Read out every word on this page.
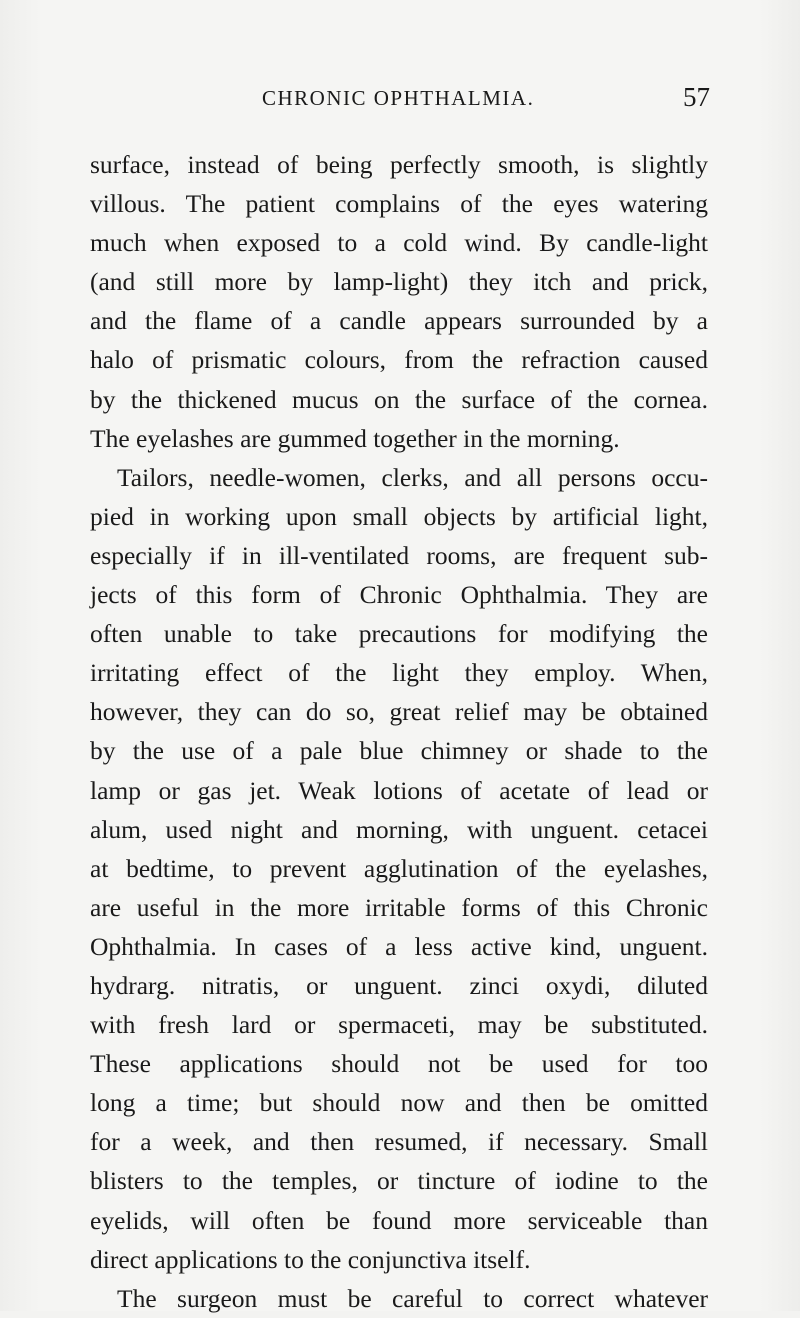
CHRONIC OPHTHALMIA.	57
surface, instead of being perfectly smooth, is slightly
villous. The patient complains of the eyes watering
much when exposed to a cold wind. By candle-light
(and still more by lamp-light) they itch and prick,
and the flame of a candle appears surrounded by a
halo of prismatic colours, from the refraction caused
by the thickened mucus on the surface of the cornea.
The eyelashes are gummed together in the morning.
Tailors, needle-women, clerks, and all persons occu-
pied in working upon small objects by artificial light,
especially if in ill-ventilated rooms, are frequent sub-
jects of this form of Chronic Ophthalmia. They are
often unable to take precautions for modifying the
irritating effect of the light they employ. When,
however, they can do so, great relief may be obtained
by the use of a pale blue chimney or shade to the
lamp or gas jet. Weak lotions of acetate of lead or
alum, used night and morning, with unguent. cetacei
at bedtime, to prevent agglutination of the eyelashes,
are useful in the more irritable forms of this Chronic
Ophthalmia. In cases of a less active kind, unguent.
hydrarg. nitratis, or unguent. zinci oxydi, diluted
with fresh lard or spermaceti, may be substituted.
These applications should not be used for too
long a time; but should now and then be omitted
for a week, and then resumed, if necessary. Small
blisters to the temples, or tincture of iodine to the
eyelids, will often be found more serviceable than
direct applications to the conjunctiva itself.
The surgeon must be careful to correct whatever
